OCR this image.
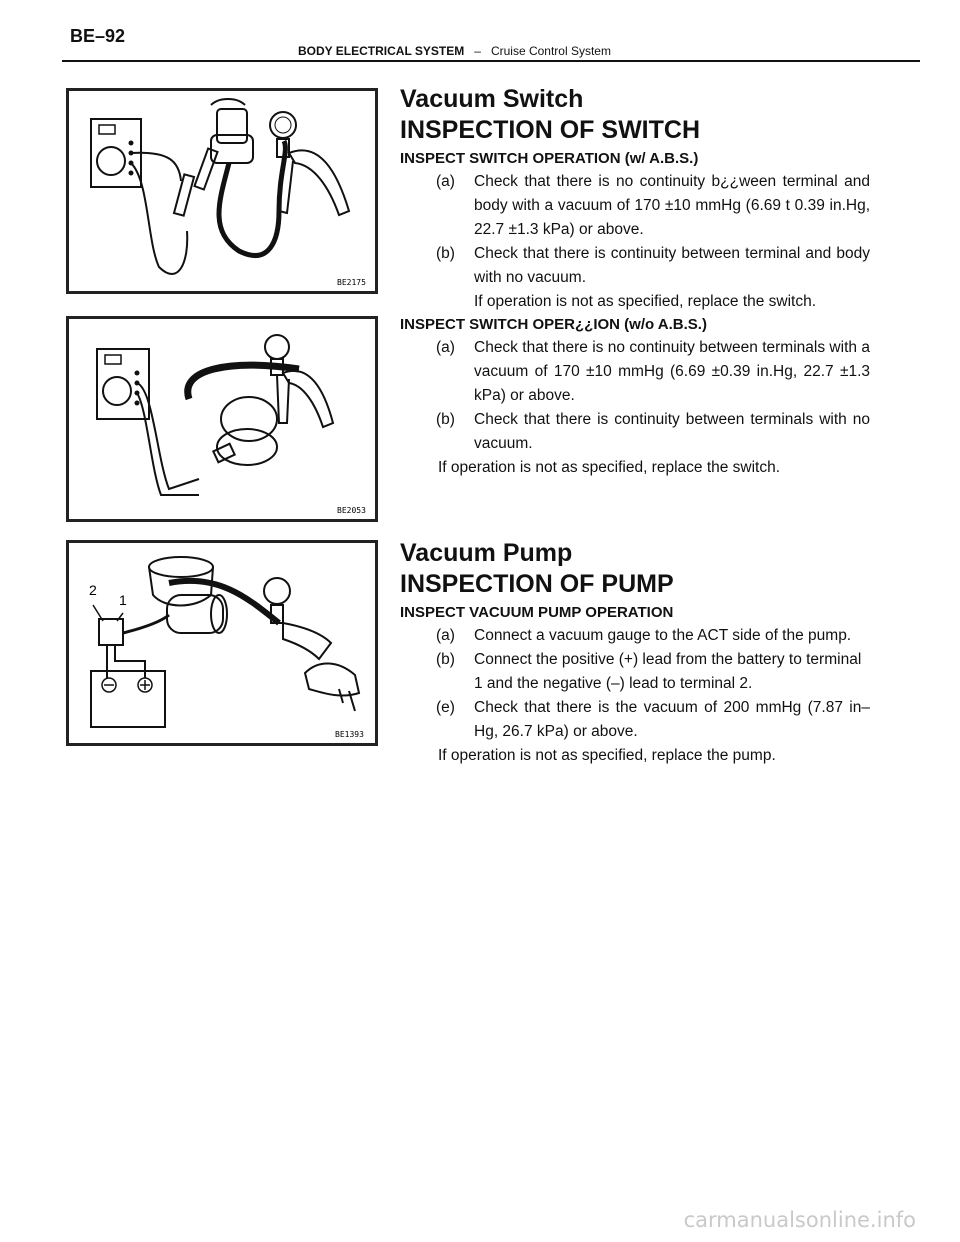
BE–92
BODY ELECTRICAL SYSTEM – Cruise Control System
BE2175
BE2053
2
1
BE1393
Vacuum Switch
INSPECTION OF SWITCH
INSPECT SWITCH OPERATION (w/ A.B.S.)
(a) Check that there is no continuity b¿¿ween terminal and body with a vacuum of 170 ±10 mmHg (6.69 t 0.39 in.Hg, 22.7 ±1.3 kPa) or above.
(b) Check that there is continuity between terminal and body with no vacuum.
If operation is not as specified, replace the switch.
INSPECT SWITCH OPER¿¿ION (w/o A.B.S.)
(a) Check that there is no continuity between terminals with a vacuum of 170 ±10 mmHg (6.69 ±0.39 in.Hg, 22.7 ±1.3 kPa) or above.
(b) Check that there is continuity between terminals with no vacuum.
If operation is not as specified, replace the switch.
Vacuum Pump
INSPECTION OF PUMP
INSPECT VACUUM PUMP OPERATION
(a) Connect a vacuum gauge to the ACT side of the pump.
(b) Connect the positive (+) lead from the battery to terminal 1 and the negative (–) lead to terminal 2.
(e) Check that there is the vacuum of 200 mmHg (7.87 in–Hg, 26.7 kPa) or above.
If operation is not as specified, replace the pump.
carmanualsonline.info
